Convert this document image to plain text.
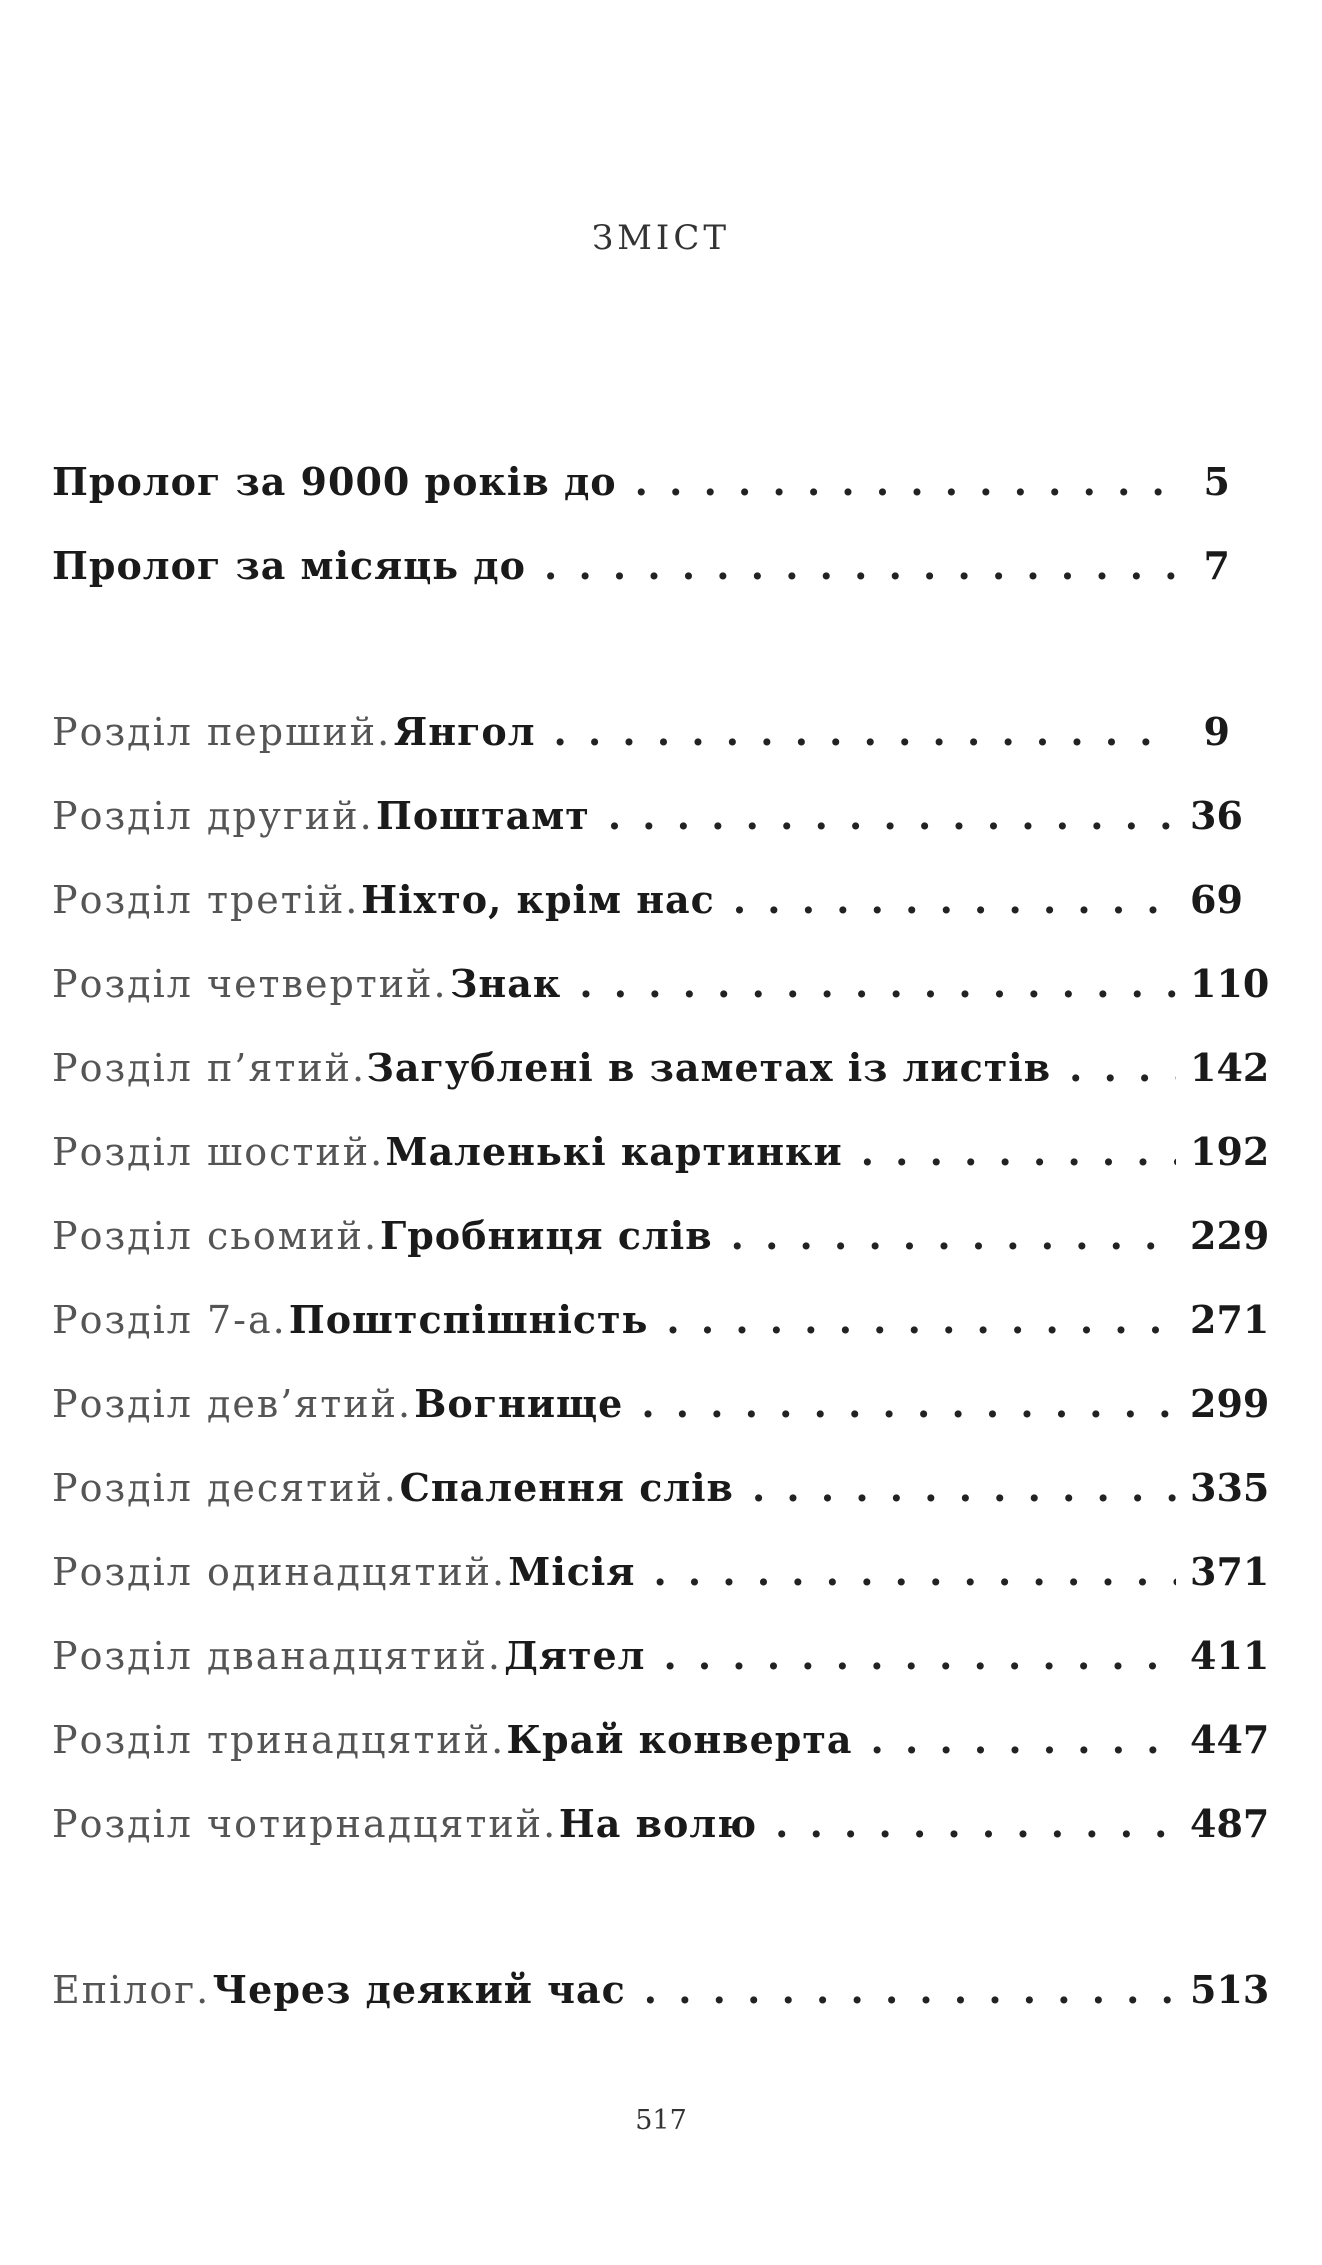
ЗМІСТ
Пролог за 9000 років до . . .	5
Пролог за місяць до . . .	7
Розділ перший. Янгол . . .	9
Розділ другий. Поштамт . . .	36
Розділ третій. Ніхто, крім нас . . .	69
Розділ четвертий. Знак . . .	110
Розділ п’ятий. Загублені в заметах із листів . . .	142
Розділ шостий. Маленькі картинки . . .	192
Розділ сьомий. Гробниця слів . . .	229
Розділ 7-а. Поштспішність . . .	271
Розділ дев’ятий. Вогнище . . .	299
Розділ десятий. Спалення слів . . .	335
Розділ одинадцятий. Місія . . .	371
Розділ дванадцятий. Дятел . . .	411
Розділ тринадцятий. Край конверта . . .	447
Розділ чотирнадцятий. На волю . . .	487
Епілог. Через деякий час . . .	513
517
